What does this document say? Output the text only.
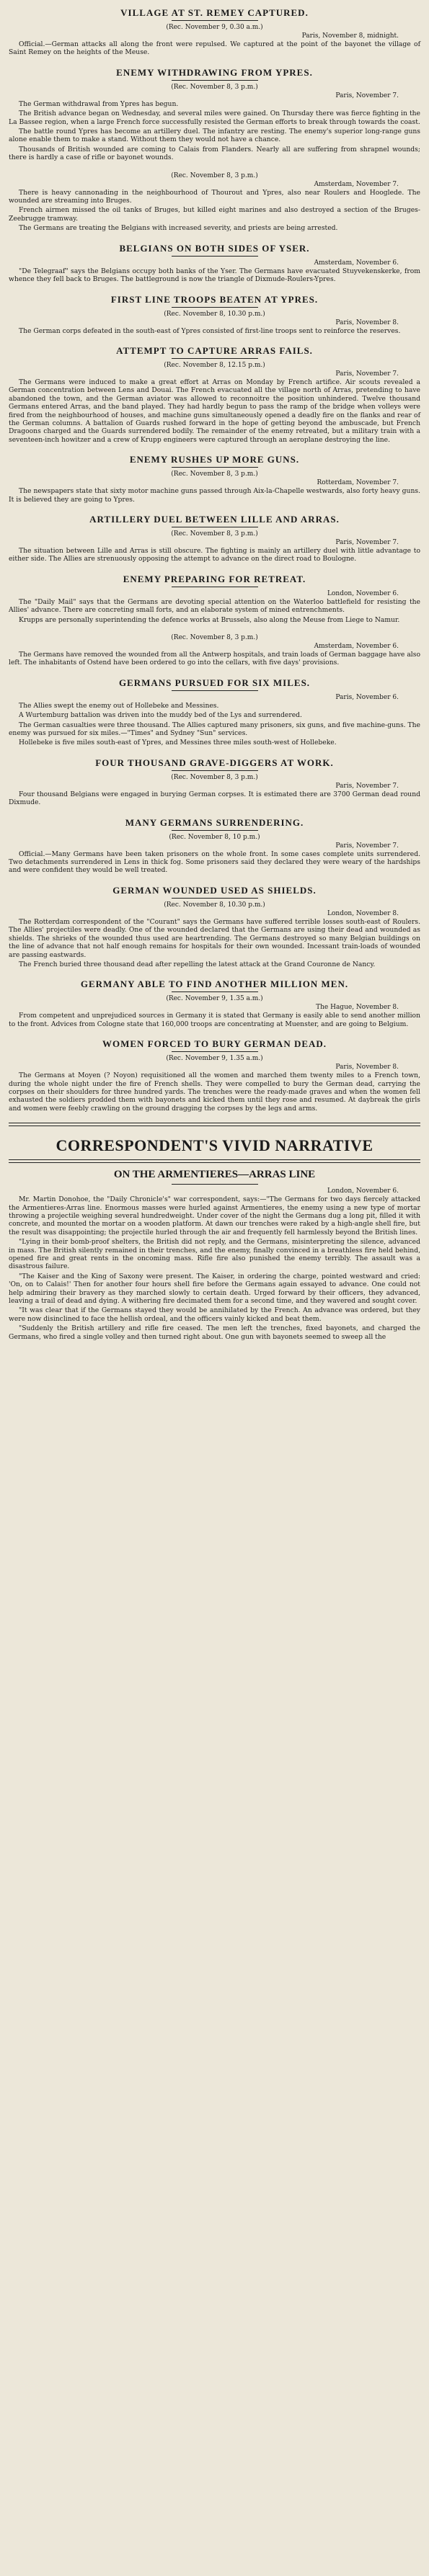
VILLAGE AT ST. REMEY CAPTURED.
(Rec. November 9, 0.30 a.m.)
Paris, November 8, midnight.

Official.—German attacks all along the front were repulsed. We captured at the point of the bayonet the village of Saint Remey on the heights of the Meuse.

ENEMY WITHDRAWING FROM YPRES.
(Rec. November 8, 3 p.m.)
Paris, November 7.

The German withdrawal from Ypres has begun.

The British advance began on Wednesday, and several miles were gained. On Thursday there was fierce fighting in the La Bassee region, when a large French force successfully resisted the German efforts to break through towards the coast.

The battle round Ypres has become an artillery duel. The infantry are resting. The enemy's superior long-range guns alone enable them to make a stand. Without them they would not have a chance.

Thousands of British wounded are coming to Calais from Flanders. Nearly all are suffering from shrapnel wounds; there is hardly a case of rifle or bayonet wounds.

(Rec. November 8, 3 p.m.)
Amsterdam, November 7.

There is heavy cannonading in the neighbourhood of Thourout and Ypres, also near Roulers and Hooglede. The wounded are streaming into Bruges.

French airmen missed the oil tanks of Bruges, but killed eight marines and also destroyed a section of the Bruges-Zeebrugge tramway.

The Germans are treating the Belgians with increased severity, and priests are being arrested.

BELGIANS ON BOTH SIDES OF YSER.
Amsterdam, November 6.

"De Telegraaf" says the Belgians occupy both banks of the Yser. The Germans have evacuated Stuyvekenskerke, from whence they fell back to Bruges. The battleground is now the triangle of Dixmude-Roulers-Ypres.

FIRST LINE TROOPS BEATEN AT YPRES.
(Rec. November 8, 10.30 p.m.)
Paris, November 8.

The German corps defeated in the south-east of Ypres consisted of first-line troops sent to reinforce the reserves.

ATTEMPT TO CAPTURE ARRAS FAILS.
(Rec. November 8, 12.15 p.m.)
Paris, November 7.

The Germans were induced to make a great effort at Arras on Monday by French artifice. Air scouts revealed a German concentration between Lens and Douai. The French evacuated all the village north of Arras, pretending to have abandoned the town, and the German aviator was allowed to reconnoitre the position unhindered. Twelve thousand Germans entered Arras, and the band played. They had hardly begun to pass the ramp of the bridge when volleys were fired from the neighbourhood of houses, and machine guns simultaneously opened a deadly fire on the flanks and rear of the German columns. A battalion of Guards rushed forward in the hope of getting beyond the ambuscade, but French Dragoons charged and the Guards surrendered bodily. The remainder of the enemy retreated, but a military train with a seventeen-inch howitzer and a crew of Krupp engineers were captured through an aeroplane destroying the line.

ENEMY RUSHES UP MORE GUNS.
(Rec. November 8, 3 p.m.)
Rotterdam, November 7.

The newspapers state that sixty motor machine guns passed through Aix-la-Chapelle westwards, also forty heavy guns. It is believed they are going to Ypres.

ARTILLERY DUEL BETWEEN LILLE AND ARRAS.
(Rec. November 8, 3 p.m.)
Paris, November 7.

The situation between Lille and Arras is still obscure. The fighting is mainly an artillery duel with little advantage to either side. The Allies are strenuously opposing the attempt to advance on the direct road to Boulogne.

ENEMY PREPARING FOR RETREAT.
London, November 6.

The "Daily Mail" says that the Germans are devoting special attention on the Waterloo battlefield for resisting the Allies' advance. There are concreting small forts, and an elaborate system of mined entrenchments.

Krupps are personally superintending the defence works at Brussels, also along the Meuse from Liege to Namur.

(Rec. November 8, 3 p.m.)
Amsterdam, November 6.

The Germans have removed the wounded from all the Antwerp hospitals, and train loads of German baggage have also left. The inhabitants of Ostend have been ordered to go into the cellars, with five days' provisions.

GERMANS PURSUED FOR SIX MILES.
Paris, November 6.

The Allies swept the enemy out of Hollebeke and Messines.

A Wurtemburg battalion was driven into the muddy bed of the Lys and surrendered.

The German casualties were three thousand. The Allies captured many prisoners, six guns, and five machine-guns. The enemy was pursued for six miles.—"Times" and Sydney "Sun" services.

Hollebeke is five miles south-east of Ypres, and Messines three miles south-west of Hollebeke.

FOUR THOUSAND GRAVE-DIGGERS AT WORK.
(Rec. November 8, 3 p.m.)
Paris, November 7.

Four thousand Belgians were engaged in burying German corpses. It is estimated there are 3700 German dead round Dixmude.

MANY GERMANS SURRENDERING.
(Rec. November 8, 10 p.m.)
Paris, November 7.

Official.—Many Germans have been taken prisoners on the whole front. In some cases complete units surrendered. Two detachments surrendered in Lens in thick fog. Some prisoners said they declared they were weary of the hardships and were confident they would be well treated.

GERMAN WOUNDED USED AS SHIELDS.
(Rec. November 8, 10.30 p.m.)
London, November 8.

The Rotterdam correspondent of the "Courant" says the Germans have suffered terrible losses south-east of Roulers. The Allies' projectiles were deadly. One of the wounded declared that the Germans are using their dead and wounded as shields. The shrieks of the wounded thus used are heartrending. The Germans destroyed so many Belgian buildings on the line of advance that not half enough remains for hospitals for their own wounded. Incessant train-loads of wounded are passing eastwards.

The French buried three thousand dead after repelling the latest attack at the Grand Couronne de Nancy.

GERMANY ABLE TO FIND ANOTHER MILLION MEN.
(Rec. November 9, 1.35 a.m.)
The Hague, November 8.

From competent and unprejudiced sources in Germany it is stated that Germany is easily able to send another million to the front. Advices from Cologne state that 160,000 troops are concentrating at Muenster, and are going to Belgium.

WOMEN FORCED TO BURY GERMAN DEAD.
(Rec. November 9, 1.35 a.m.)
Paris, November 8.

The Germans at Moyen (? Noyon) requisitioned all the women and marched them twenty miles to a French town, during the whole night under the fire of French shells. They were compelled to bury the German dead, carrying the corpses on their shoulders for three hundred yards. The trenches were the ready-made graves and when the women fell exhausted the soldiers prodded them with bayonets and kicked them until they rose and resumed. At daybreak the girls and women were feebly crawling on the ground dragging the corpses by the legs and arms.

CORRESPONDENT'S VIVID NARRATIVE
ON THE ARMENTIERES—ARRAS LINE
London, November 6.

Mr. Martin Donohoe, the "Daily Chronicle's" war correspondent, says:—"The Germans for two days fiercely attacked the Armentieres-Arras line. Enormous masses were hurled against Armentieres, the enemy using a new type of mortar throwing a projectile weighing several hundredweight. Under cover of the night the Germans dug a long pit, filled it with concrete, and mounted the mortar on a wooden platform. At dawn our trenches were raked by a high-angle shell fire, but the result was disappointing; the projectile hurled through the air and frequently fell harmlessly beyond the British lines.

"Lying in their bomb-proof shelters, the British did not reply, and the Germans, misinterpreting the silence, advanced in mass. The British silently remained in their trenches, and the enemy, finally convinced in a breathless fire held behind, opened fire and great rents in the oncoming mass. Rifle fire also punished the enemy terribly. The assault was a disastrous failure.

"The Kaiser and the King of Saxony were present. The Kaiser, in ordering the charge, pointed westward and cried: 'On, on to Calais!' Then for another four hours shell fire before the Germans again essayed to advance. One could not help admiring their bravery as they marched slowly to certain death. Urged forward by their officers, they advanced, leaving a trail of dead and dying. A withering fire decimated them for a second time, and they wavered and sought cover.

"It was clear that if the Germans stayed they would be annihilated by the French. An advance was ordered, but they were now disinclined to face the hellish ordeal, and the officers vainly kicked and beat them.

"Suddenly the British artillery and rifle fire ceased. The men left the trenches, fixed bayonets, and charged the Germans, who fired a single volley and then turned right about. One gun with bayonets seemed to sweep all the
